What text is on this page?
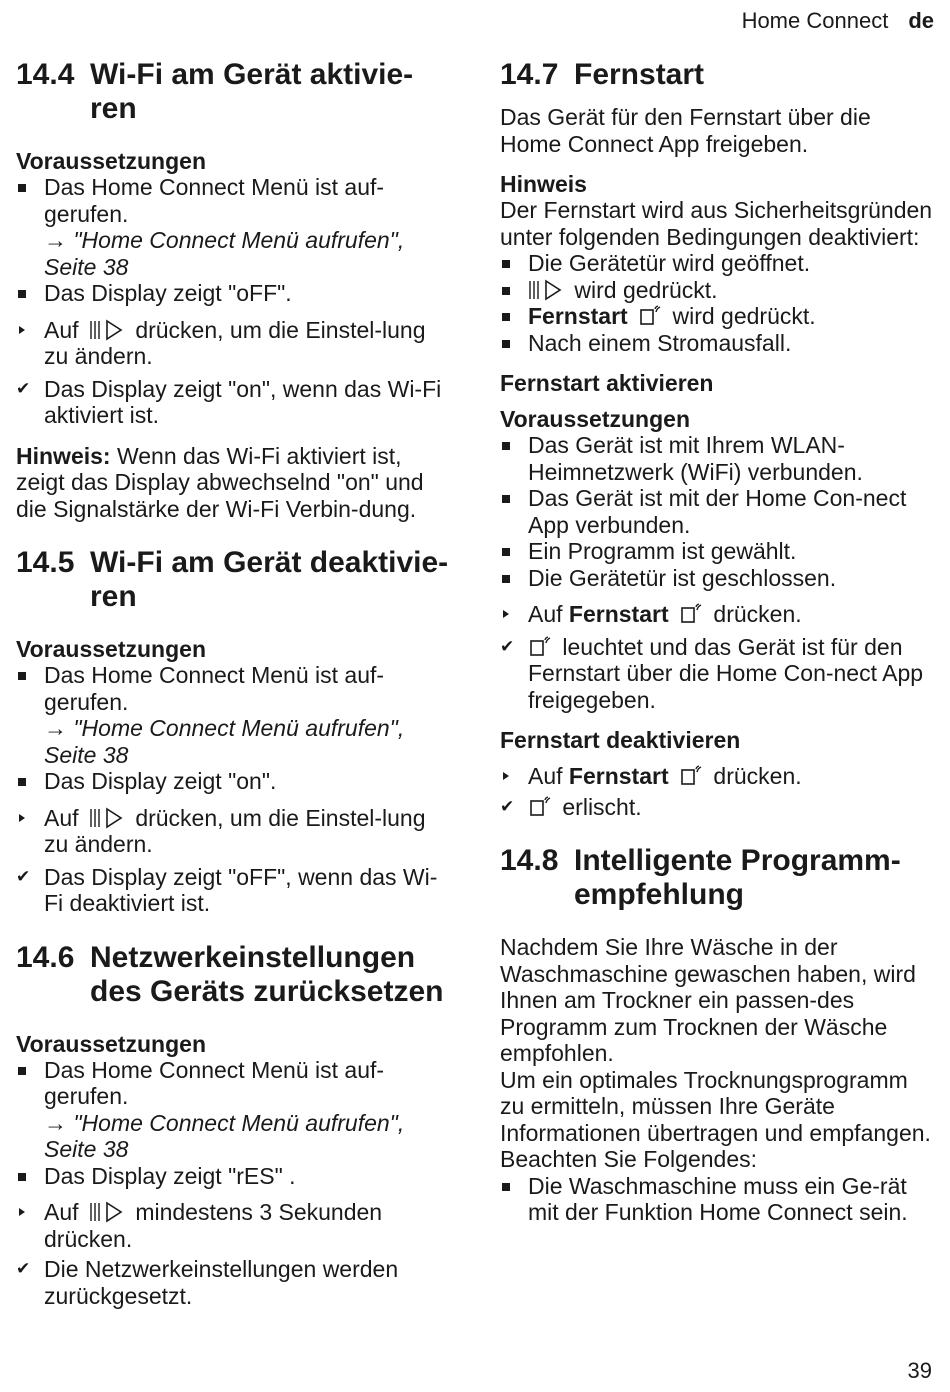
Home Connect de
14.4 Wi-Fi am Gerät aktivie-ren
Voraussetzungen
Das Home Connect Menü ist auf-gerufen.
→ "Home Connect Menü aufrufen", Seite 38
Das Display zeigt "oFF".
Auf drücken, um die Einstel-lung zu ändern.
Das Display zeigt "on", wenn das Wi-Fi aktiviert ist.

Hinweis: Wenn das Wi-Fi aktiviert ist, zeigt das Display abwechselnd "on" und die Signalstärke der Wi-Fi Verbin-dung.

14.5 Wi-Fi am Gerät deaktivie-ren
Voraussetzungen
Das Home Connect Menü ist auf-gerufen.
→ "Home Connect Menü aufrufen", Seite 38
Das Display zeigt "on".
Auf drücken, um die Einstel-lung zu ändern.
Das Display zeigt "oFF", wenn das Wi-Fi deaktiviert ist.
14.6 Netzwerkeinstellungen des Geräts zurücksetzen
Voraussetzungen
Das Home Connect Menü ist auf-gerufen.
→ "Home Connect Menü aufrufen", Seite 38
Das Display zeigt "rES" .
Auf mindestens 3 Sekunden drücken.
Die Netzwerkeinstellungen werden zurückgesetzt.
14.7 Fernstart

Das Gerät für den Fernstart über die Home Connect App freigeben.

Hinweis

Der Fernstart wird aus Sicherheitsgründen unter folgenden Bedingungen deaktiviert:

Die Gerätetür wird geöffnet.
wird gedrückt.
Fernstart wird gedrückt.
Nach einem Stromausfall.
Fernstart aktivieren
Voraussetzungen
Das Gerät ist mit Ihrem WLAN-Heimnetzwerk (WiFi) verbunden.
Das Gerät ist mit der Home Con-nect App verbunden.
Ein Programm ist gewählt.
Die Gerätetür ist geschlossen.
Auf Fernstart drücken.
leuchtet und das Gerät ist für den Fernstart über die Home Con-nect App freigegeben.
Fernstart deaktivieren
Auf Fernstart drücken.
erlischt.
14.8 Intelligente Programm-empfehlung

Nachdem Sie Ihre Wäsche in der Waschmaschine gewaschen haben, wird Ihnen am Trockner ein passen-des Programm zum Trocknen der Wäsche empfohlen.

Um ein optimales Trocknungsprogramm zu ermitteln, müssen Ihre Geräte Informationen übertragen und empfangen.

Beachten Sie Folgendes:

Die Waschmaschine muss ein Ge-rät mit der Funktion Home Connect sein.
39
